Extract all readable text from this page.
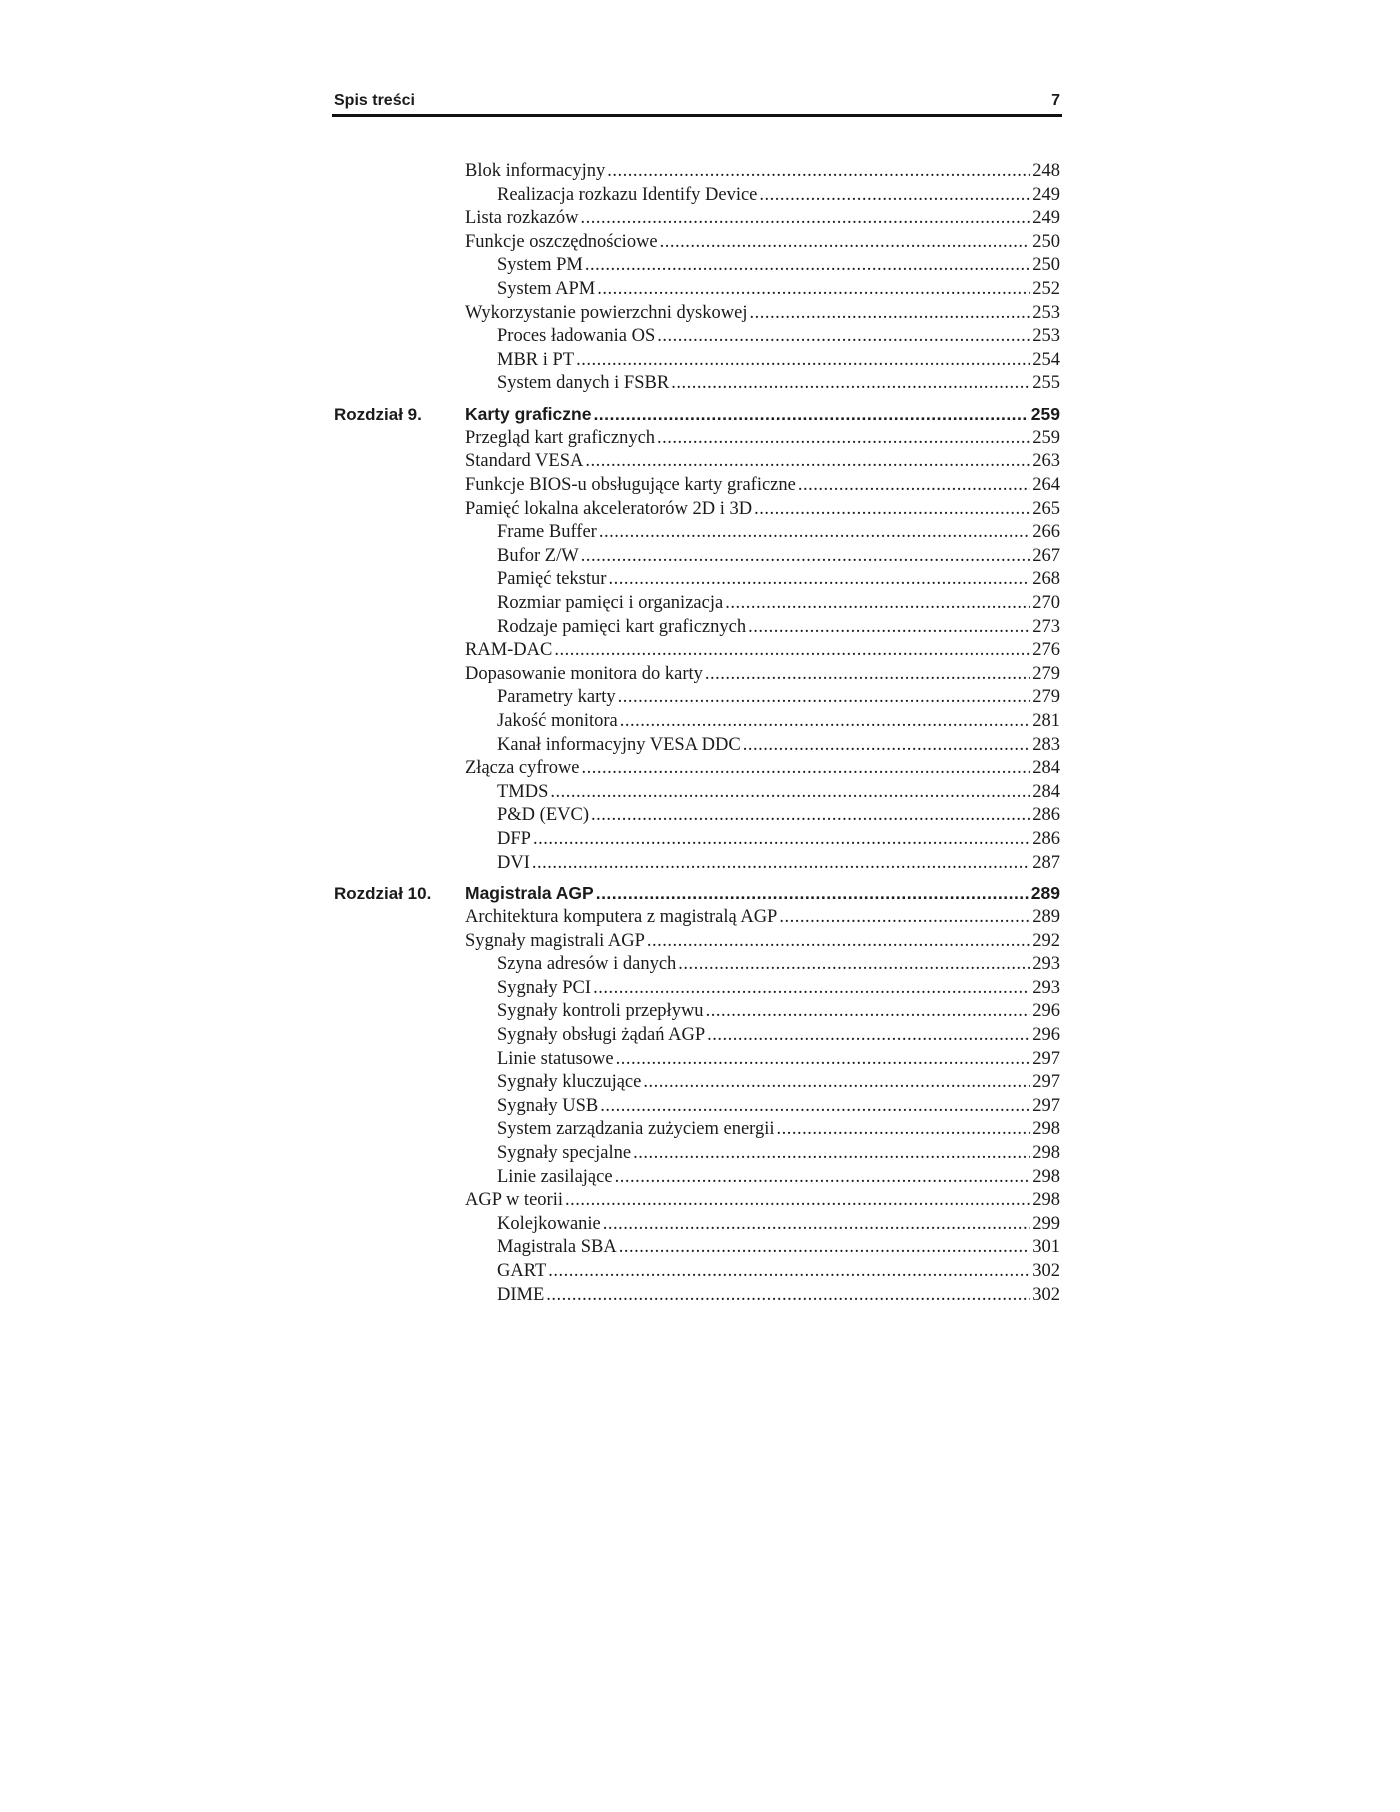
Spis treści	7
Blok informacyjny .....	248
Realizacja rozkazu Identify Device .....	249
Lista rozkazów .....	249
Funkcje oszczędnościowe .....	250
System PM .....	250
System APM .....	252
Wykorzystanie powierzchni dyskowej .....	253
Proces ładowania OS .....	253
MBR i PT .....	254
System danych i FSBR .....	255
Rozdział 9. Karty graficzne .....	259
Przegląd kart graficznych .....	259
Standard VESA .....	263
Funkcje BIOS-u obsługujące karty graficzne .....	264
Pamięć lokalna akceleratorów 2D i 3D .....	265
Frame Buffer .....	266
Bufor Z/W .....	267
Pamięć tekstur .....	268
Rozmiar pamięci i organizacja .....	270
Rodzaje pamięci kart graficznych .....	273
RAM-DAC .....	276
Dopasowanie monitora do karty .....	279
Parametry karty .....	279
Jakość monitora .....	281
Kanał informacyjny VESA DDC .....	283
Złącza cyfrowe .....	284
TMDS .....	284
P&D (EVC) .....	286
DFP .....	286
DVI .....	287
Rozdział 10. Magistrala AGP .....	289
Architektura komputera z magistralą AGP .....	289
Sygnały magistrali AGP .....	292
Szyna adresów i danych .....	293
Sygnały PCI .....	293
Sygnały kontroli przepływu .....	296
Sygnały obsługi żądań AGP .....	296
Linie statusowe .....	297
Sygnały kluczujące .....	297
Sygnały USB .....	297
System zarządzania zużyciem energii .....	298
Sygnały specjalne .....	298
Linie zasilające .....	298
AGP w teorii .....	298
Kolejkowanie .....	299
Magistrala SBA .....	301
GART .....	302
DIME .....	302
